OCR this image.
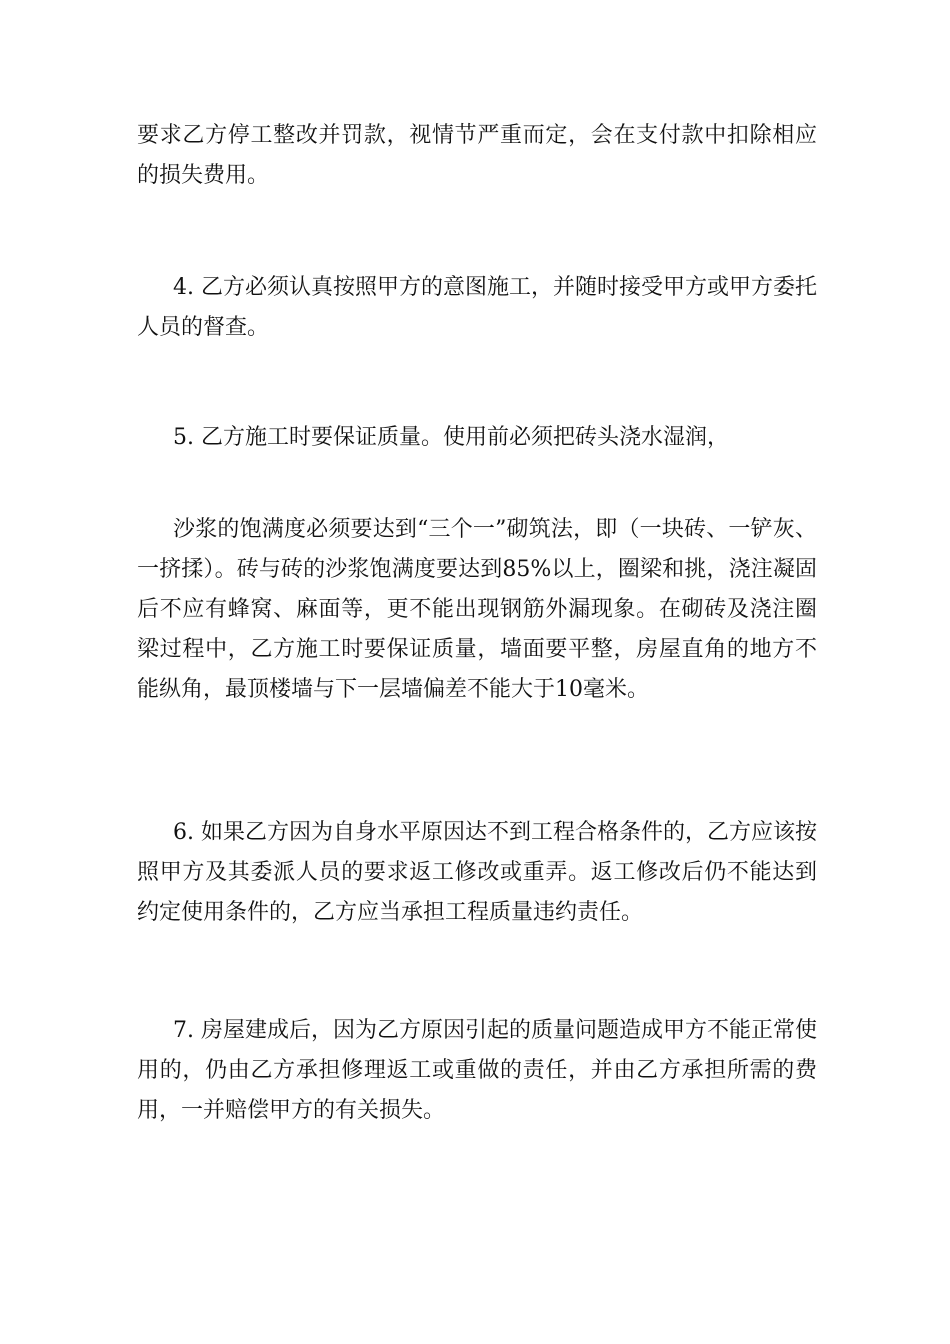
要求乙方停工整改并罚款，视情节严重而定，会在支付款中扣除相应的损失费用。

4. 乙方必须认真按照甲方的意图施工，并随时接受甲方或甲方委托人员的督查。

5. 乙方施工时要保证质量。使用前必须把砖头浇水湿润，

沙浆的饱满度必须要达到“三个一”砌筑法，即（一块砖、一铲灰、一挤揉）。砖与砖的沙浆饱满度要达到85%以上，圈梁和挑，浇注凝固后不应有蜂窝、麻面等，更不能出现钢筋外漏现象。在砌砖及浇注圈梁过程中，乙方施工时要保证质量，墙面要平整，房屋直角的地方不能纵角，最顶楼墙与下一层墙偏差不能大于10毫米。

6. 如果乙方因为自身水平原因达不到工程合格条件的，乙方应该按照甲方及其委派人员的要求返工修改或重弄。返工修改后仍不能达到约定使用条件的，乙方应当承担工程质量违约责任。

7. 房屋建成后，因为乙方原因引起的质量问题造成甲方不能正常使用的，仍由乙方承担修理返工或重做的责任，并由乙方承担所需的费用，一并赔偿甲方的有关损失。
